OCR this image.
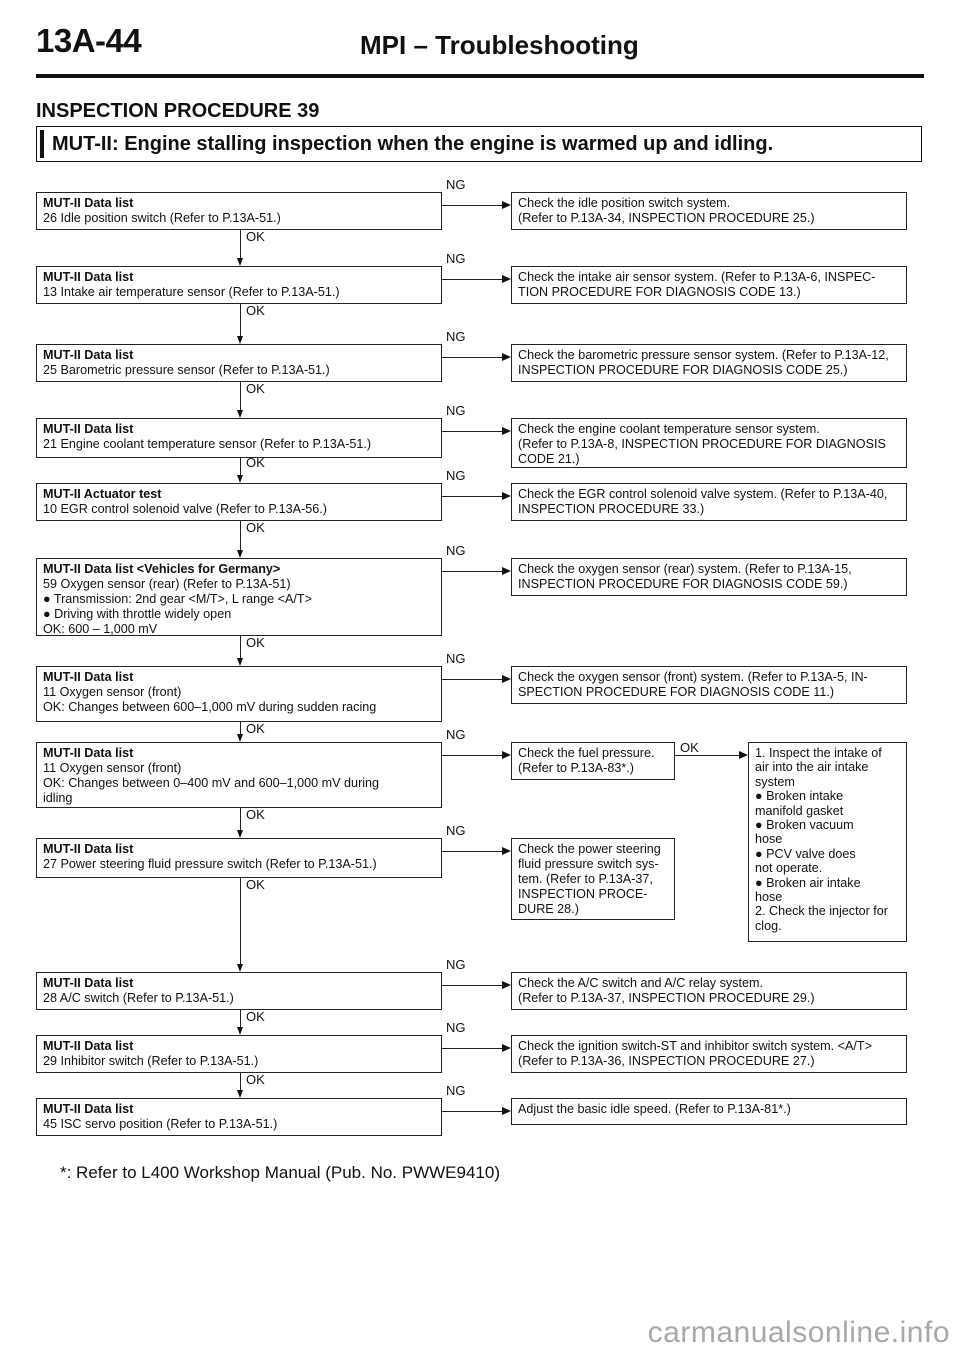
13A-44	MPI – Troubleshooting
INSPECTION PROCEDURE 39
MUT-II: Engine stalling inspection when the engine is warmed up and idling.
MUT-II Data list
26 Idle position switch (Refer to P.13A-51.)
NG
OK
MUT-II Data list
13 Intake air temperature sensor (Refer to P.13A-51.)
NG
OK
MUT-II Data list
25 Barometric pressure sensor (Refer to P.13A-51.)
NG
OK
MUT-II Data list
21 Engine coolant temperature sensor (Refer to P.13A-51.)
NG
OK
MUT-II Actuator test
10 EGR control solenoid valve (Refer to P.13A-56.)
NG
OK
MUT-II Data list <Vehicles for Germany>
59 Oxygen sensor (rear) (Refer to P.13A-51)
● Transmission: 2nd gear <M/T>, L range <A/T>
● Driving with throttle widely open
OK: 600 – 1,000 mV
NG
OK
MUT-II Data list
11 Oxygen sensor (front)
OK: Changes between 600–1,000 mV during sudden racing
NG
OK
MUT-II Data list
11 Oxygen sensor (front)
OK: Changes between 0–400 mV and 600–1,000 mV during
idling
NG
OK
MUT-II Data list
27 Power steering fluid pressure switch (Refer to P.13A-51.)
NG
OK
MUT-II Data list
28 A/C switch (Refer to P.13A-51.)
NG
OK
MUT-II Data list
29 Inhibitor switch (Refer to P.13A-51.)
NG
OK
MUT-II Data list
45 ISC servo position (Refer to P.13A-51.)
NG
Check the idle position switch system.
(Refer to P.13A-34, INSPECTION PROCEDURE 25.)
Check the intake air sensor system. (Refer to P.13A-6, INSPEC-
TION PROCEDURE FOR DIAGNOSIS CODE 13.)
Check the barometric pressure sensor system. (Refer to P.13A-12,
INSPECTION PROCEDURE FOR DIAGNOSIS CODE 25.)
Check the engine coolant temperature sensor system.
(Refer to P.13A-8, INSPECTION PROCEDURE FOR DIAGNOSIS
CODE 21.)
Check the EGR control solenoid valve system. (Refer to P.13A-40,
INSPECTION PROCEDURE 33.)
Check the oxygen sensor (rear) system. (Refer to P.13A-15,
INSPECTION PROCEDURE FOR DIAGNOSIS CODE 59.)
Check the oxygen sensor (front) system. (Refer to P.13A-5, IN-
SPECTION PROCEDURE FOR DIAGNOSIS CODE 11.)
Check the fuel pressure.
(Refer to P.13A-83*.)
Check the power steering
fluid pressure switch sys-
tem. (Refer to P.13A-37,
INSPECTION PROCE-
DURE 28.)
Check the A/C switch and A/C relay system.
(Refer to P.13A-37, INSPECTION PROCEDURE 29.)
Check the ignition switch-ST and inhibitor switch system. <A/T>
(Refer to P.13A-36, INSPECTION PROCEDURE 27.)
Adjust the basic idle speed. (Refer to P.13A-81*.)
1. Inspect the intake of
air into the air intake
system
● Broken intake
manifold gasket
● Broken vacuum
hose
● PCV valve does
not operate.
● Broken air intake
hose
2. Check the injector for
clog.
OK
*: Refer to L400 Workshop Manual (Pub. No. PWWE9410)
carmanualsonline.info
